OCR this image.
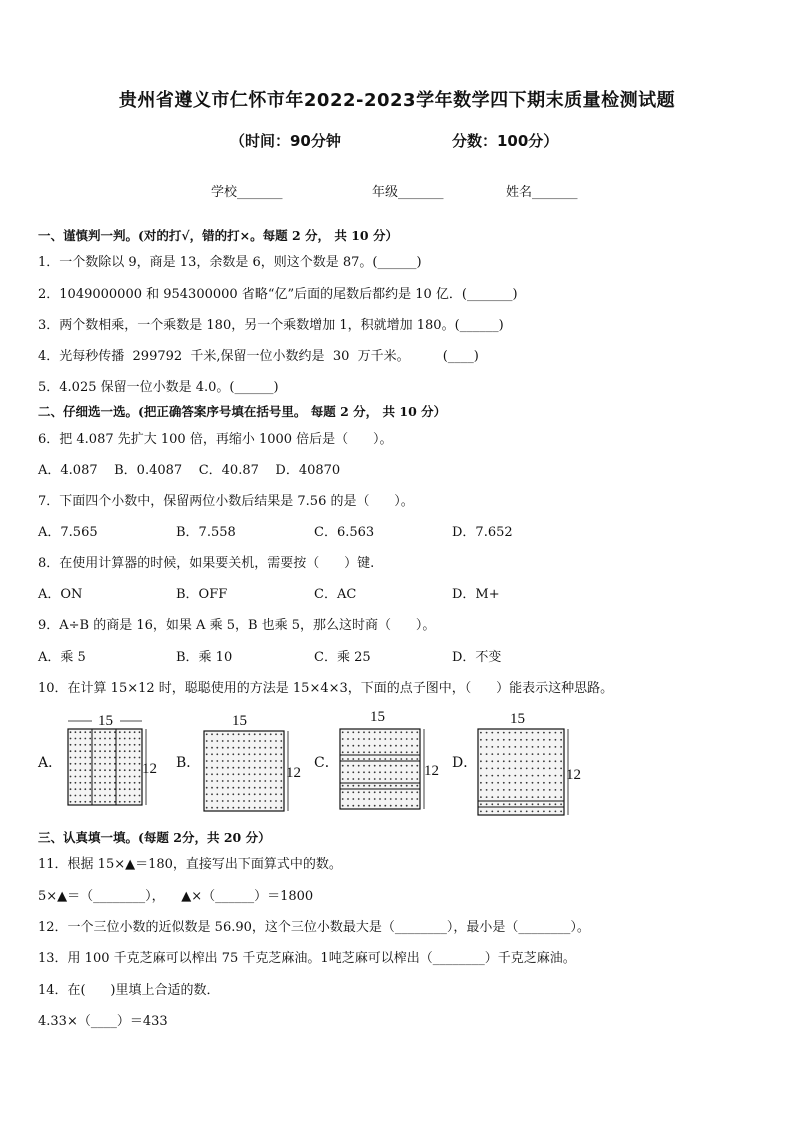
贵州省遵义市仁怀市年2022-2023学年数学四下期末质量检测试题
（时间：90分钟	分数：100分）
学校_______	年级_______	姓名_______
一、谨慎判一判。(对的打√，错的打×。每题 2 分， 共 10 分）
1．一个数除以 9，商是 13，余数是 6，则这个数是 87。(______)
2．1049000000 和 954300000 省略“亿”后面的尾数后都约是 10 亿．(_______)
3．两个数相乘，一个乘数是 180，另一个乘数增加 1，积就增加 180。(______)
4．光每秒传播  299792  千米,保留一位小数约是  30  万千米。        (____)
5．4.025 保留一位小数是 4.0。(______)
二、仔细选一选。(把正确答案序号填在括号里。 每题 2 分， 共 10 分）
6．把 4.087 先扩大 100 倍，再缩小 1000 倍后是（      ）。
A．4.087    B．0.4087    C．40.87    D．40870
7．下面四个小数中，保留两位小数后结果是 7.56 的是（      ）。
A．7.565	B．7.558	C．6.563	D．7.652
8．在使用计算器的时候，如果要关机，需要按（      ）键.
A．ON	B．OFF	C．AC	D．M+
9．A÷B 的商是 16，如果 A 乘 5，B 也乘 5，那么这时商（      ）。
A．乘 5	B．乘 10	C．乘 25	D．不变
10．在计算 15×12 时，聪聪使用的方法是 15×4×3，下面的点子图中，（      ）能表示这种思路。
A．
15
12 B．
15
12
C．
15
12 D．
15
12
三、认真填一填。(每题 2分，共 20 分）
11．根据 15×▲＝180，直接写出下面算式中的数。
5×▲＝（________），    ▲×（______）＝1800
12．一个三位小数的近似数是 56.90，这个三位小数最大是（________），最小是（________）。
13．用 100 千克芝麻可以榨出 75 千克芝麻油。1吨芝麻可以榨出（________）千克芝麻油。
14．在(      )里填上合适的数．
4.33×（____）＝433
